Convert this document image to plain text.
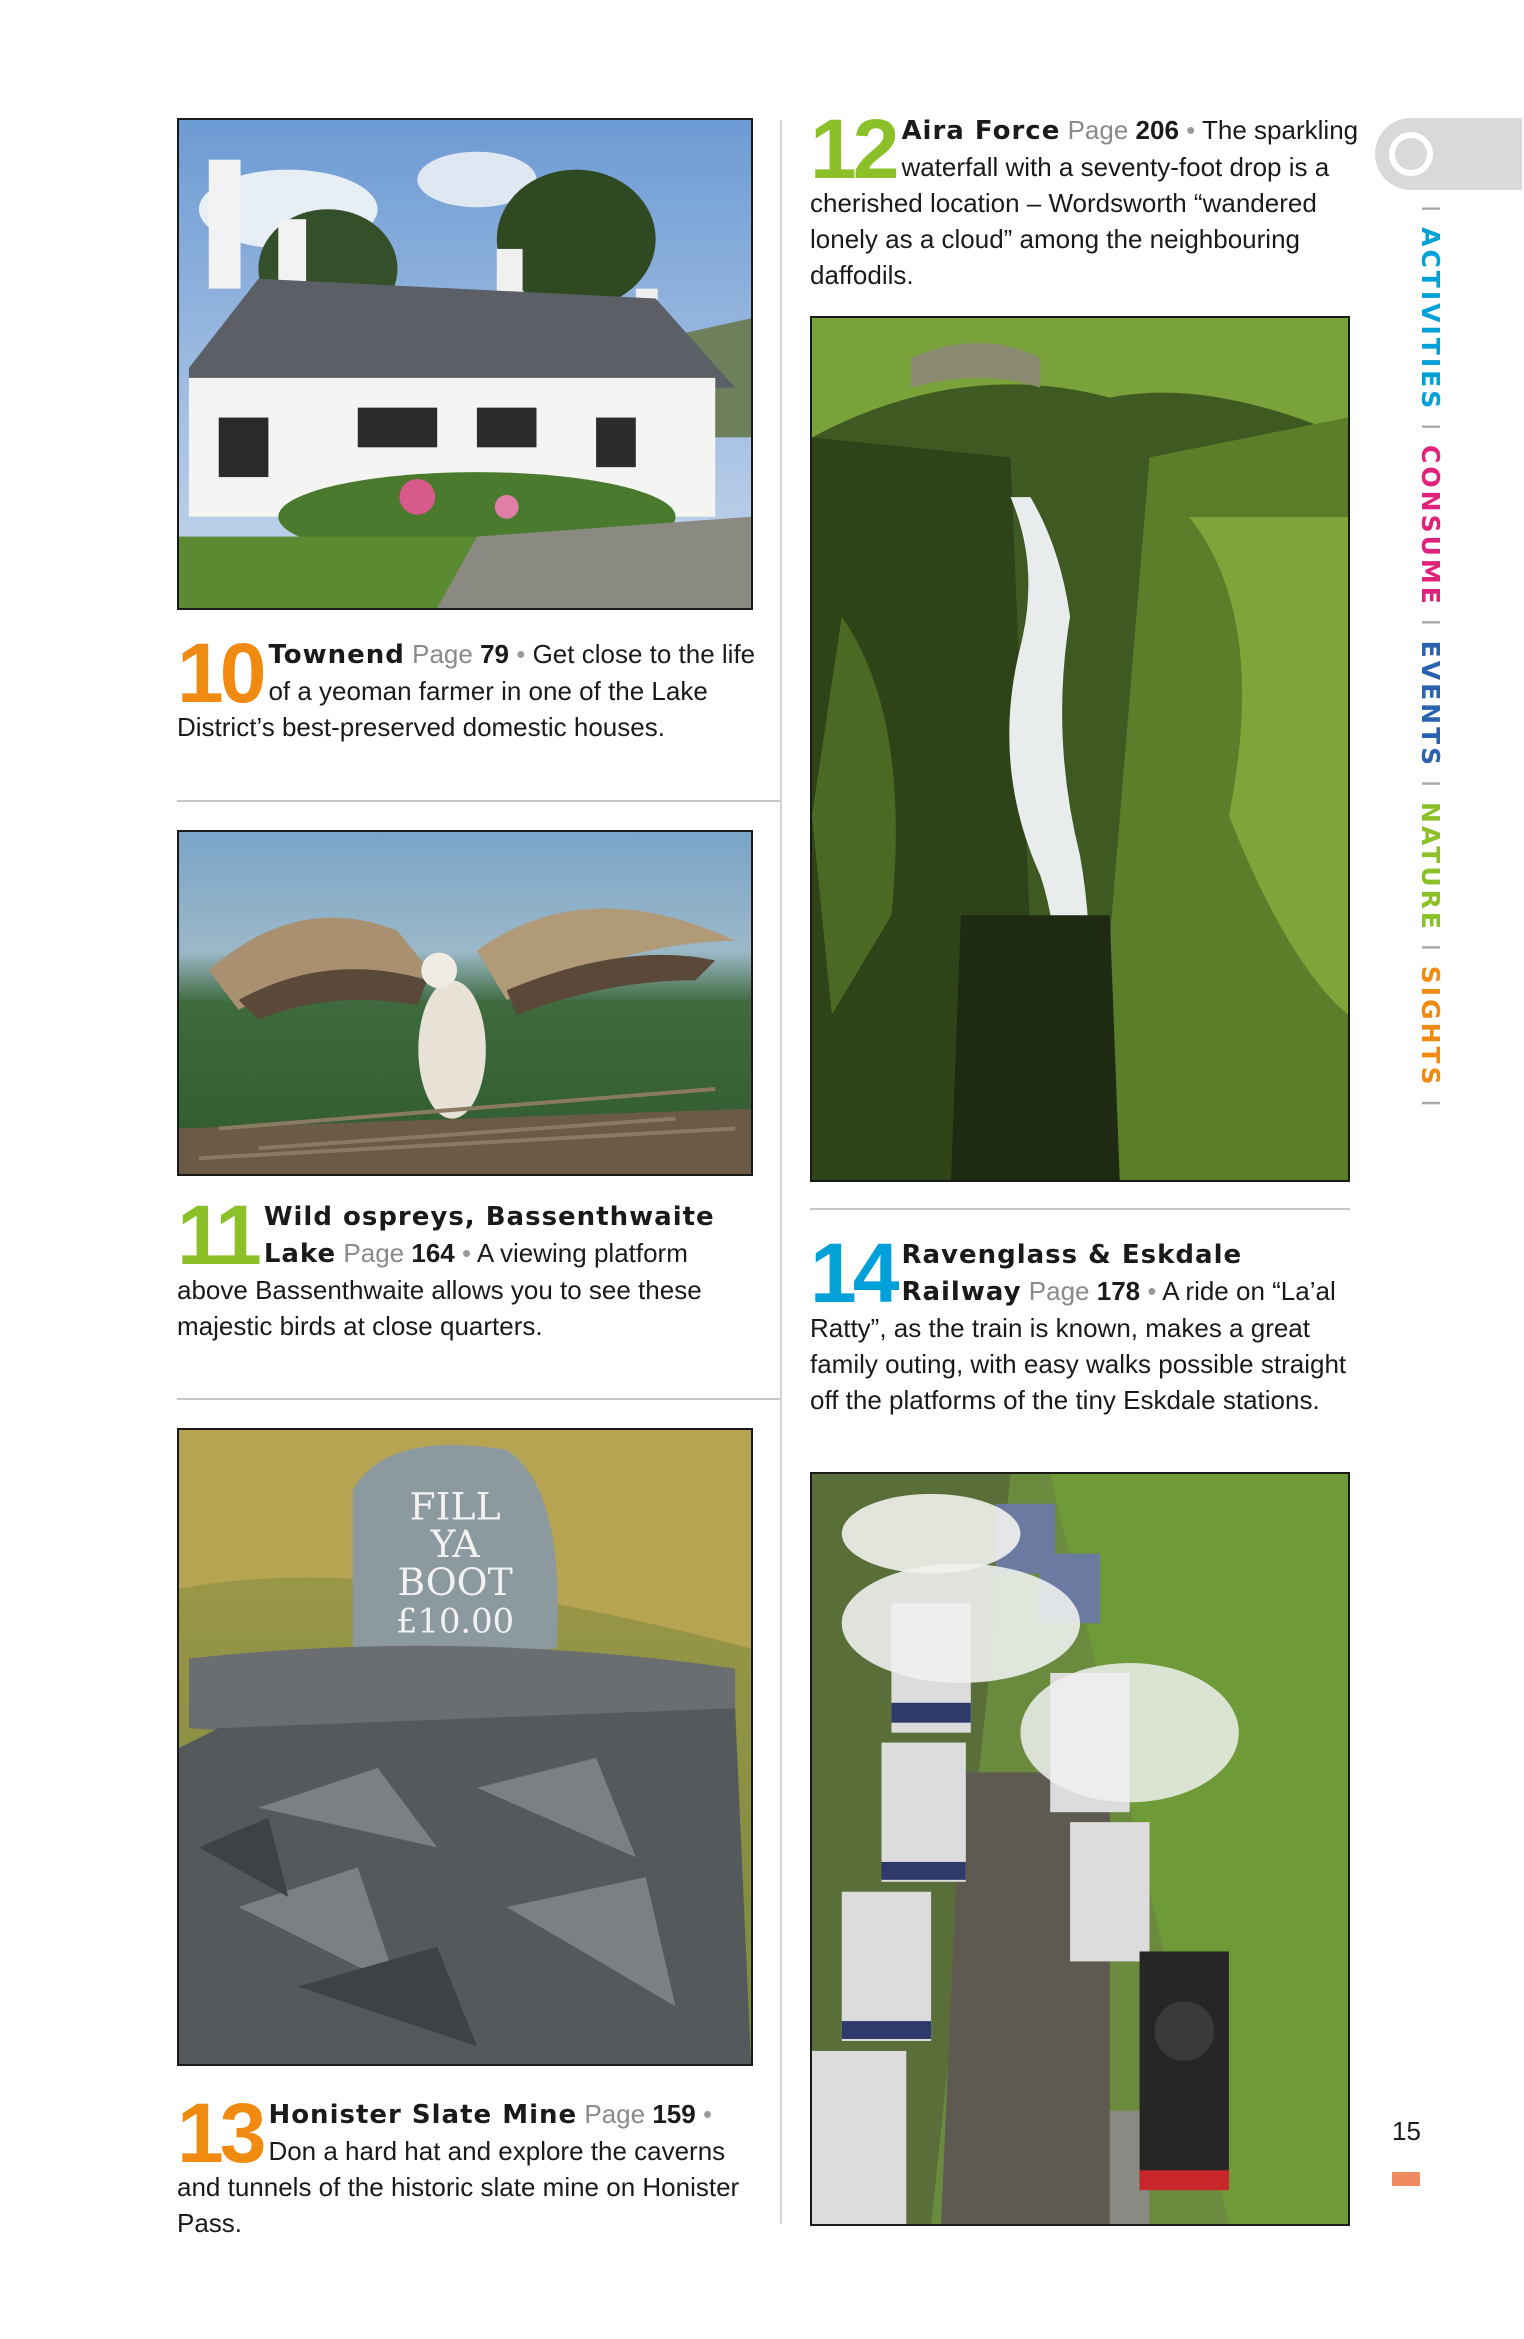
10 Townend Page 79 • Get close to the life of a yeoman farmer in one of the Lake District’s best-preserved domestic houses.
11 Wild ospreys, Bassenthwaite Lake Page 164 • A viewing platform above Bassenthwaite allows you to see these majestic birds at close quarters.
FILL
YA
BOOT
£10.00
13 Honister Slate Mine Page 159 • Don a hard hat and explore the caverns and tunnels of the historic slate mine on Honister Pass.
12 Aira Force Page 206 • The sparkling waterfall with a seventy-foot drop is a cherished location – Wordsworth “wandered lonely as a cloud” among the neighbouring daffodils.
14 Ravenglass & Eskdale Railway Page 178 • A ride on “La’al Ratty”, as the train is known, makes a great family outing, with easy walks possible straight off the platforms of the tiny Eskdale stations.
I ACTIVITIES I CONSUME I EVENTS I NATURE I SIGHTS I
15
